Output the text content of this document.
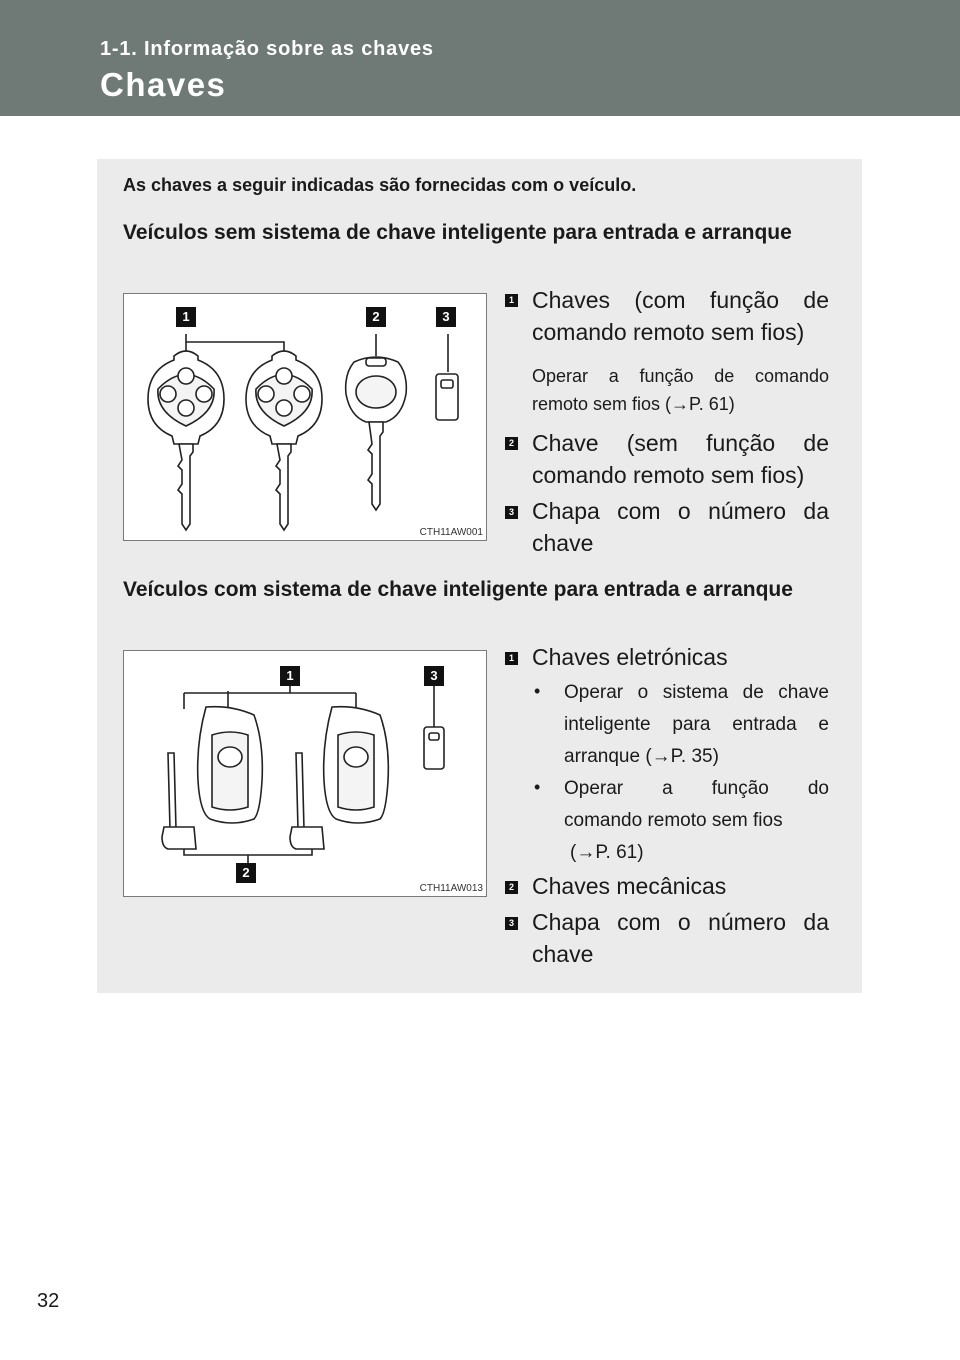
1-1. Informação sobre as chaves
Chaves
As chaves a seguir indicadas são fornecidas com o veículo.
Veículos sem sistema de chave inteligente para entrada e arranque
1	2	3
CTH11AW001
1 Chaves (com função de
comando remoto sem fios)
Operar a função de comando
remoto sem fios (→P. 61)
2 Chave (sem função de
comando remoto sem fios)
3 Chapa com o número da
chave
Veículos com sistema de chave inteligente para entrada e arranque
1	3
2
CTH11AW013
1 Chaves eletrónicas
• Operar o sistema de chave
inteligente para entrada e
arranque (→P. 35)
• Operar a função do
comando remoto sem fios
(→P. 61)
2 Chaves mecânicas
3 Chapa com o número da
chave
32
